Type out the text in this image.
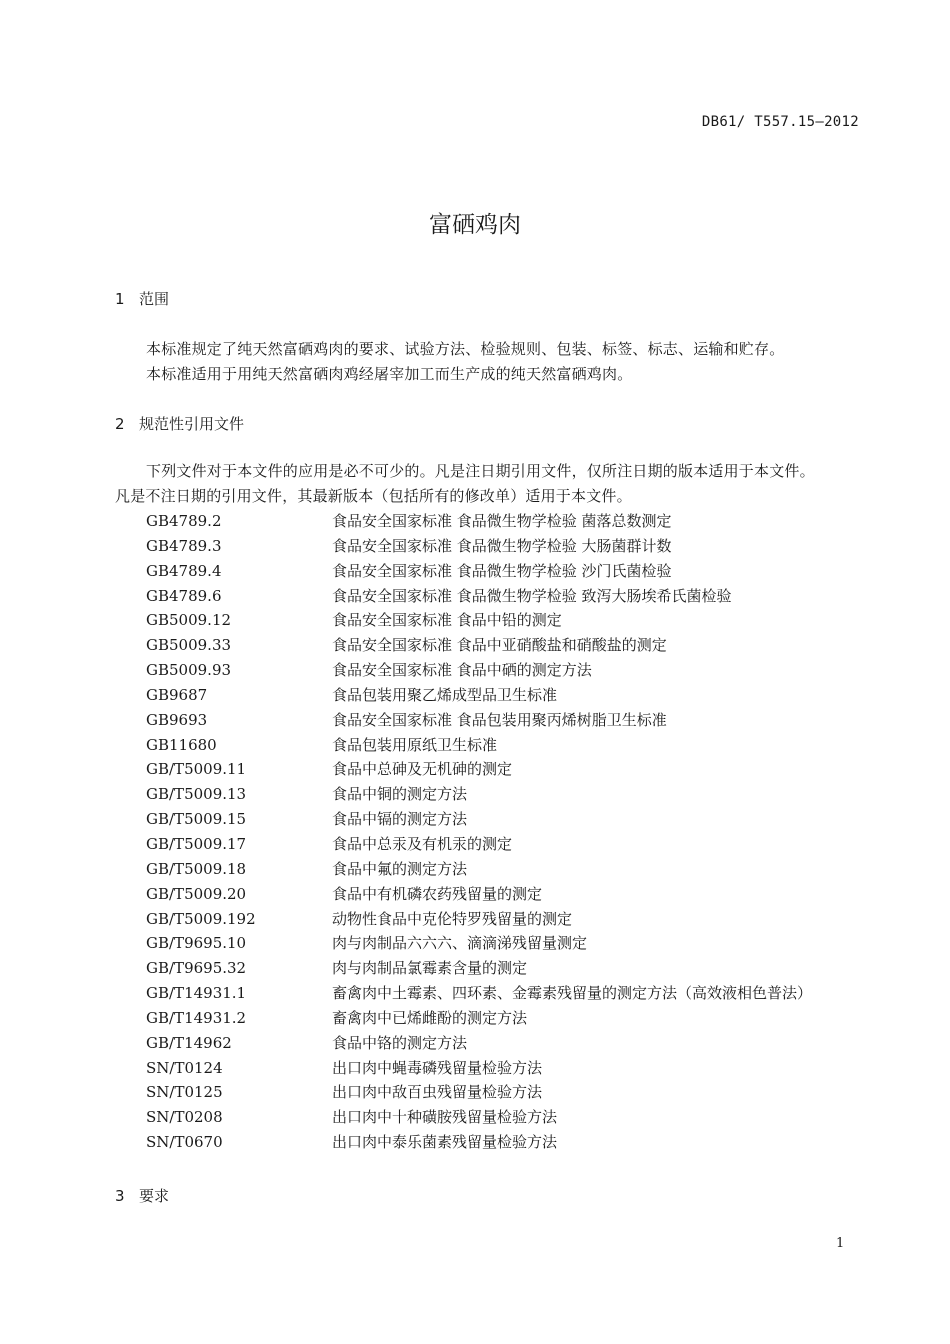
DB61/ T557.15—2012
富硒鸡肉
1 范围
本标准规定了纯天然富硒鸡肉的要求、试验方法、检验规则、包装、标签、标志、运输和贮存。
本标准适用于用纯天然富硒肉鸡经屠宰加工而生产成的纯天然富硒鸡肉。
2 规范性引用文件
下列文件对于本文件的应用是必不可少的。凡是注日期引用文件，仅所注日期的版本适用于本文件。
凡是不注日期的引用文件，其最新版本（包括所有的修改单）适用于本文件。
GB4789.2	食品安全国家标准 食品微生物学检验 菌落总数测定
GB4789.3	食品安全国家标准 食品微生物学检验 大肠菌群计数
GB4789.4	食品安全国家标准 食品微生物学检验 沙门氏菌检验
GB4789.6	食品安全国家标准 食品微生物学检验 致泻大肠埃希氏菌检验
GB5009.12	食品安全国家标准 食品中铅的测定
GB5009.33	食品安全国家标准 食品中亚硝酸盐和硝酸盐的测定
GB5009.93	食品安全国家标准 食品中硒的测定方法
GB9687	食品包装用聚乙烯成型品卫生标准
GB9693	食品安全国家标准 食品包装用聚丙烯树脂卫生标准
GB11680	食品包装用原纸卫生标准
GB/T5009.11	食品中总砷及无机砷的测定
GB/T5009.13	食品中铜的测定方法
GB/T5009.15	食品中镉的测定方法
GB/T5009.17	食品中总汞及有机汞的测定
GB/T5009.18	食品中氟的测定方法
GB/T5009.20	食品中有机磷农药残留量的测定
GB/T5009.192	动物性食品中克伦特罗残留量的测定
GB/T9695.10	肉与肉制品六六六、滴滴涕残留量测定
GB/T9695.32	肉与肉制品氯霉素含量的测定
GB/T14931.1	畜禽肉中土霉素、四环素、金霉素残留量的测定方法（高效液相色普法）
GB/T14931.2	畜禽肉中已烯雌酚的测定方法
GB/T14962	食品中铬的测定方法
SN/T0124	出口肉中蝇毒磷残留量检验方法
SN/T0125	出口肉中敌百虫残留量检验方法
SN/T0208	出口肉中十种磺胺残留量检验方法
SN/T0670	出口肉中泰乐菌素残留量检验方法
3 要求
1
